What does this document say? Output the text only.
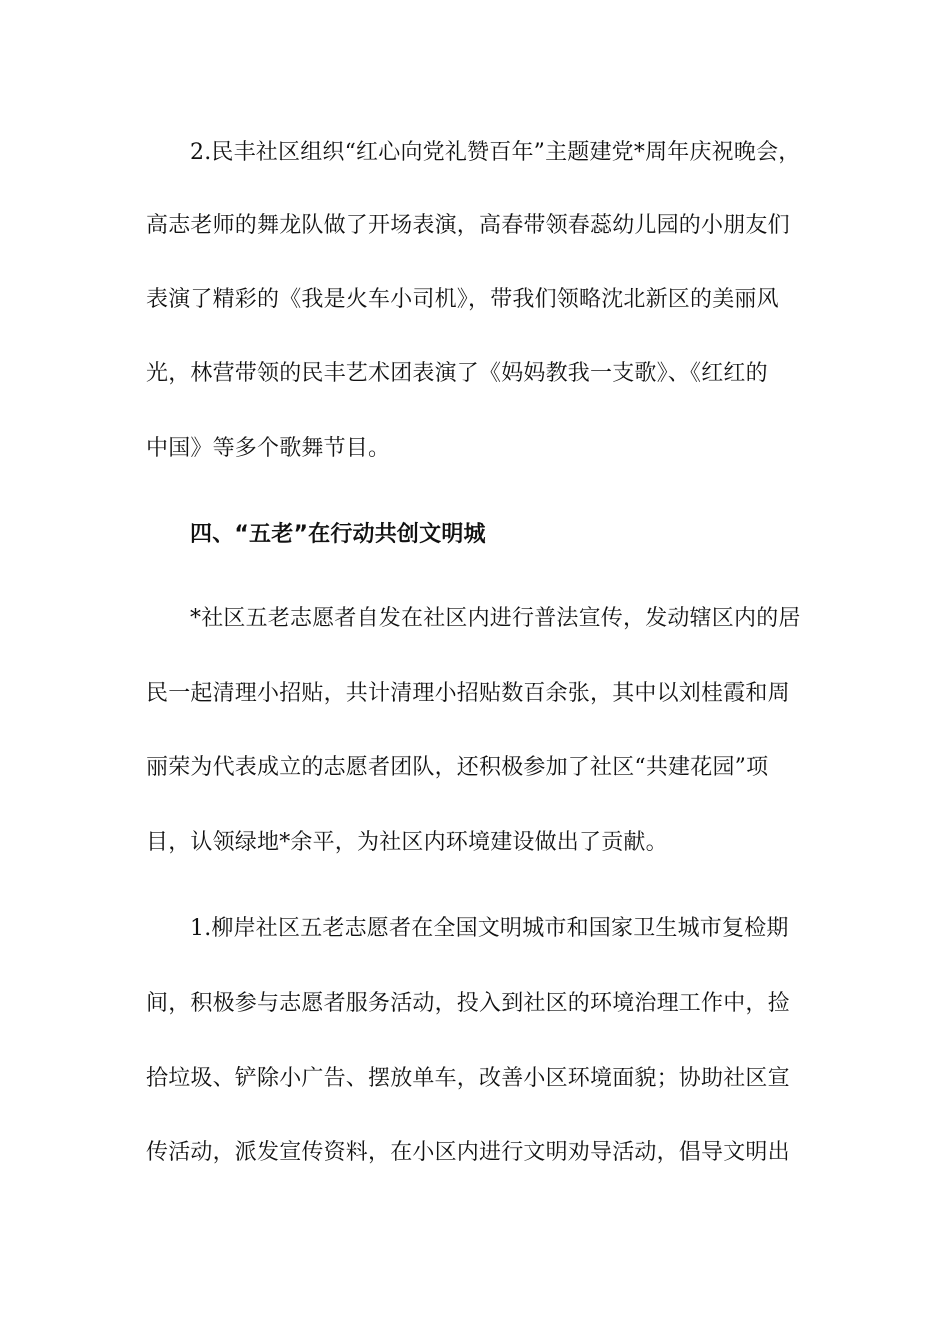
2.民丰社区组织“红心向党礼赞百年”主题建党*周年庆祝晚会，
高志老师的舞龙队做了开场表演，高春带领春蕊幼儿园的小朋友们
表演了精彩的《我是火车小司机》，带我们领略沈北新区的美丽风
光，林营带领的民丰艺术团表演了《妈妈教我一支歌》、《红红的
中国》等多个歌舞节目。
四、“五老”在行动共创文明城
*社区五老志愿者自发在社区内进行普法宣传，发动辖区内的居
民一起清理小招贴，共计清理小招贴数百余张，其中以刘桂霞和周
丽荣为代表成立的志愿者团队，还积极参加了社区“共建花园”项
目，认领绿地*余平，为社区内环境建设做出了贡献。
1.柳岸社区五老志愿者在全国文明城市和国家卫生城市复检期
间，积极参与志愿者服务活动，投入到社区的环境治理工作中，捡
拾垃圾、铲除小广告、摆放单车，改善小区环境面貌；协助社区宣
传活动，派发宣传资料，在小区内进行文明劝导活动，倡导文明出
